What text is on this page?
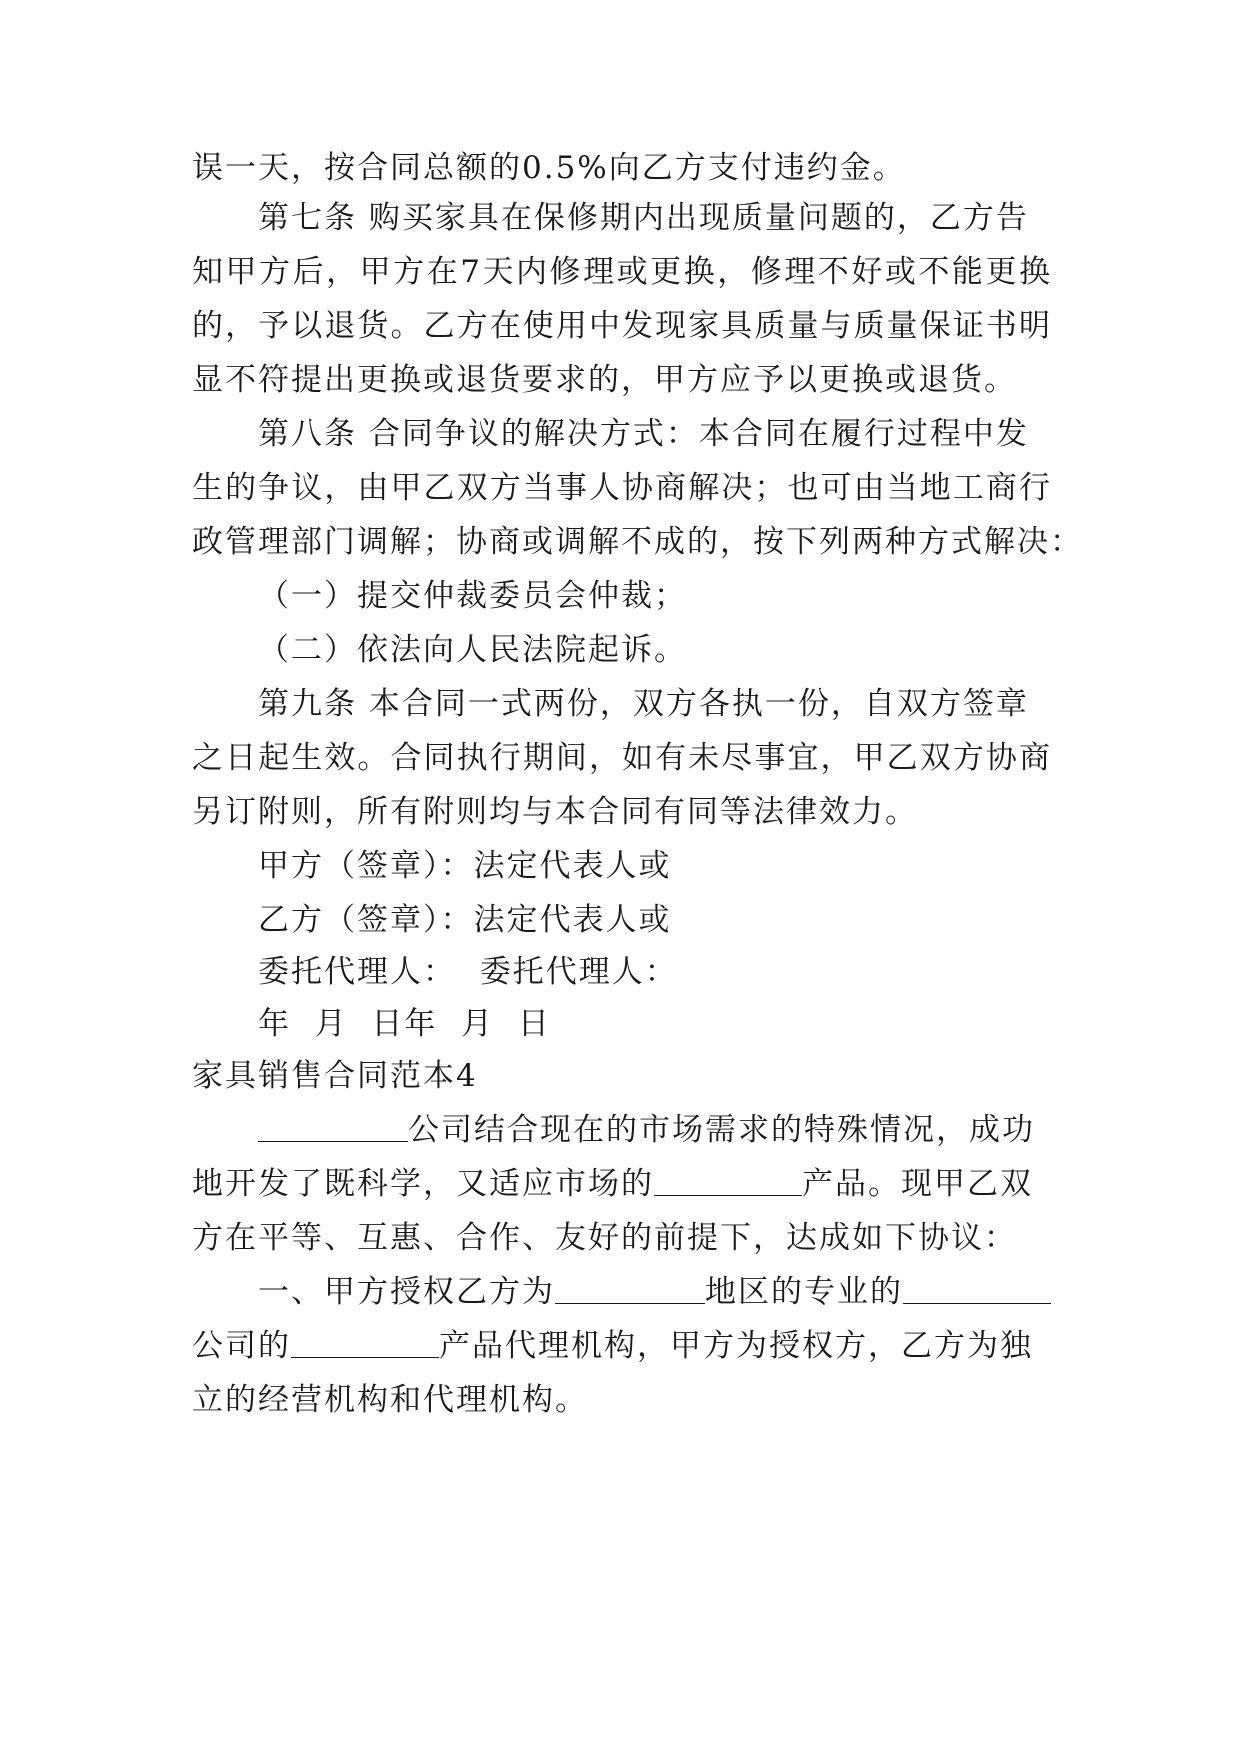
误一天，按合同总额的0.5%向乙方支付违约金。
第七条 购买家具在保修期内出现质量问题的，乙方告
知甲方后，甲方在7天内修理或更换，修理不好或不能更换
的，予以退货。乙方在使用中发现家具质量与质量保证书明
显不符提出更换或退货要求的，甲方应予以更换或退货。
第八条 合同争议的解决方式：本合同在履行过程中发
生的争议，由甲乙双方当事人协商解决；也可由当地工商行
政管理部门调解；协商或调解不成的，按下列两种方式解决：
（一）提交仲裁委员会仲裁；
（二）依法向人民法院起诉。
第九条 本合同一式两份，双方各执一份，自双方签章
之日起生效。合同执行期间，如有未尽事宜，甲乙双方协商
另订附则，所有附则均与本合同有同等法律效力。
甲方（签章）：法定代表人或
乙方（签章）：法定代表人或
委托代理人：  委托代理人：
年  月  日年  月  日
家具销售合同范本4
公司结合现在的市场需求的特殊情况，成功
地开发了既科学，又适应市场的	产品。现甲乙双
方在平等、互惠、合作、友好的前提下，达成如下协议：
一、甲方授权乙方为	地区的专业的
公司的	产品代理机构，甲方为授权方，乙方为独
立的经营机构和代理机构。
